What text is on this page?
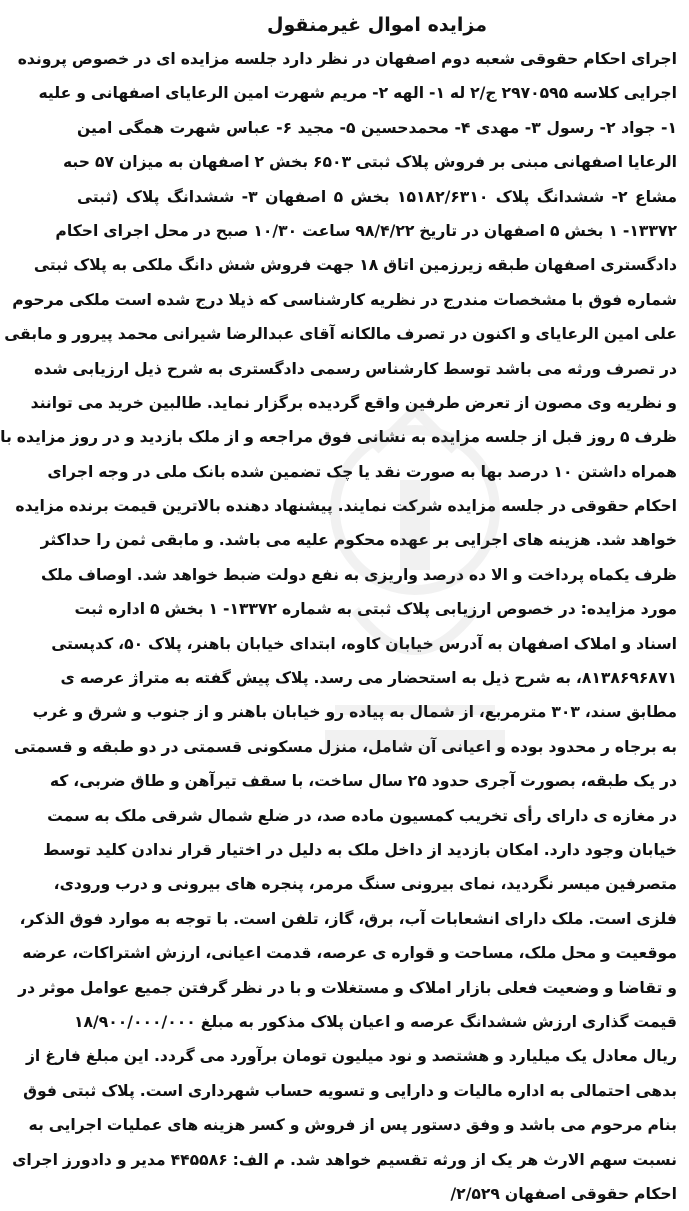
مزایده اموال غیرمنقول
اجرای احکام حقوقی شعبه دوم اصفهان در نظر دارد جلسه مزایده ای در خصوص پرونده
اجرایی کلاسه ۲۹۷۰۵۹۵ ج/۲ له ۱- الهه ۲- مریم شهرت امین الرعایای اصفهانی و علیه
۱- جواد ۲- رسول ۳- مهدی ۴- محمدحسین ۵- مجید ۶- عباس شهرت همگی امین
الرعایا اصفهانی مبنی بر فروش پلاک ثبتی ۶۵۰۳ بخش ۲ اصفهان به میزان ۵۷ حبه
مشاع ۲- ششدانگ پلاک ۱۵۱۸۲/۶۳۱۰ بخش ۵ اصفهان ۳- ششدانگ پلاک (ثبتی
۱۳۳۷۲- ۱ بخش ۵ اصفهان در تاریخ ۹۸/۴/۲۲ ساعت ۱۰/۳۰ صبح در محل اجرای احکام
دادگستری اصفهان طبقه زیرزمین اتاق ۱۸ جهت فروش شش دانگ ملکی به پلاک ثبتی
شماره فوق با مشخصات مندرج در نظریه کارشناسی که ذیلا درج شده است ملکی مرحوم
علی امین الرعایای و اکنون در تصرف مالکانه آقای عبدالرضا شیرانی محمد پیرور و مابقی
در تصرف ورثه می باشد توسط کارشناس رسمی دادگستری به شرح ذیل ارزیابی شده
و نظریه وی مصون از تعرض طرفین واقع گردیده برگزار نماید. طالبین خرید می توانند
ظرف ۵ روز قبل از جلسه مزایده به نشانی فوق مراجعه و از ملک بازدید و در روز مزایده با
همراه داشتن ۱۰ درصد بها به صورت نقد یا چک تضمین شده بانک ملی در وجه اجرای
احکام حقوقی در جلسه مزایده شرکت نمایند. پیشنهاد دهنده بالاترین قیمت برنده مزایده
خواهد شد. هزینه های اجرایی بر عهده محکوم علیه می باشد. و مابقی ثمن را حداکثر
ظرف یکماه پرداخت و الا ده درصد واریزی به نفع دولت ضبط خواهد شد. اوصاف ملک
مورد مزایده: در خصوص ارزیابی پلاک ثبتی به شماره ۱۳۳۷۲- ۱ بخش ۵ اداره ثبت
اسناد و املاک اصفهان به آدرس خیابان کاوه، ابتدای خیابان باهنر، پلاک ۵۰، کدپستی
۸۱۳۸۶۹۶۸۷۱، به شرح ذیل به استحضار می رسد. پلاک پیش گفته به متراژ عرصه ی
مطابق سند، ۳۰۳ مترمربع، از شمال به پیاده رو خیابان باهنر و از جنوب و شرق و غرب
به برجاه ر محدود بوده و اعیانی آن شامل، منزل مسکونی قسمتی در دو طبقه و قسمتی
در یک طبقه، بصورت آجری حدود ۲۵ سال ساخت، با سقف تیرآهن و طاق ضربی، که
در مغازه ی دارای رأی تخریب کمسیون ماده صد، در ضلع شمال شرقی ملک به سمت
خیابان وجود دارد. امکان بازدید از داخل ملک به دلیل در اختیار قرار ندادن کلید توسط
متصرفین میسر نگردید، نمای بیرونی سنگ مرمر، پنجره های بیرونی و درب ورودی،
فلزی است. ملک دارای انشعابات آب، برق، گاز، تلفن است. با توجه به موارد فوق الذکر،
موقعیت و محل ملک، مساحت و قواره ی عرصه، قدمت اعیانی، ارزش اشتراکات، عرضه
و تقاضا و وضعیت فعلی بازار املاک و مستغلات و با در نظر گرفتن جمیع عوامل موثر در
قیمت گذاری ارزش ششدانگ عرصه و اعیان پلاک مذکور به مبلغ ۱۸/۹۰۰/۰۰۰/۰۰۰
ریال معادل یک میلیارد و هشتصد و نود میلیون تومان برآورد می گردد. این مبلغ فارغ از
بدهی احتمالی به اداره مالیات و دارایی و تسویه حساب شهرداری است. پلاک ثبتی فوق
بنام مرحوم می باشد و وفق دستور پس از فروش و کسر هزینه های عملیات اجرایی به
نسبت سهم الارث هر یک از ورثه تقسیم خواهد شد. م الف: ۴۴۵۵۸۶ مدیر و دادورز اجرای
احکام حقوقی اصفهان ۲/۵۲۹/
